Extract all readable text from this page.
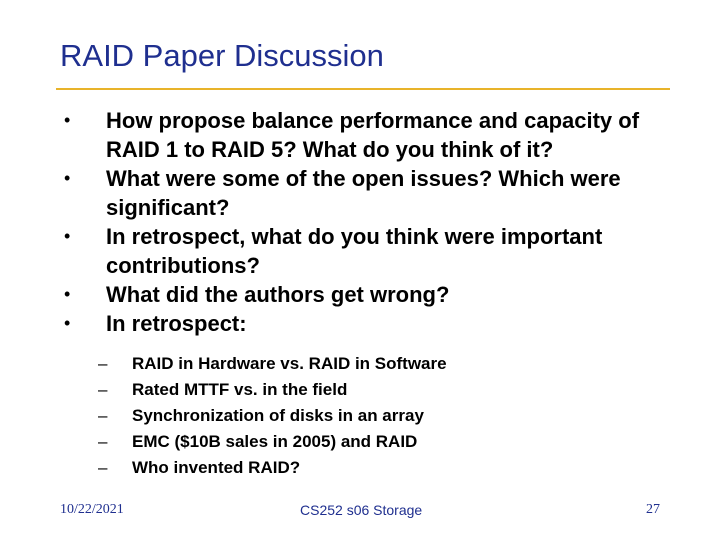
RAID Paper Discussion
•	How propose balance performance and capacity of RAID 1 to RAID 5? What do you think of it?
•	What were some of the open issues? Which were significant?
•	In retrospect, what do you think were important contributions?
•	What did the authors get wrong?
•	In retrospect:
–	RAID in Hardware vs. RAID in Software
–	Rated MTTF vs. in the field
–	Synchronization of disks in an array
–	EMC ($10B sales in 2005) and RAID
–	Who invented RAID?
10/22/2021	CS252 s06 Storage	27
